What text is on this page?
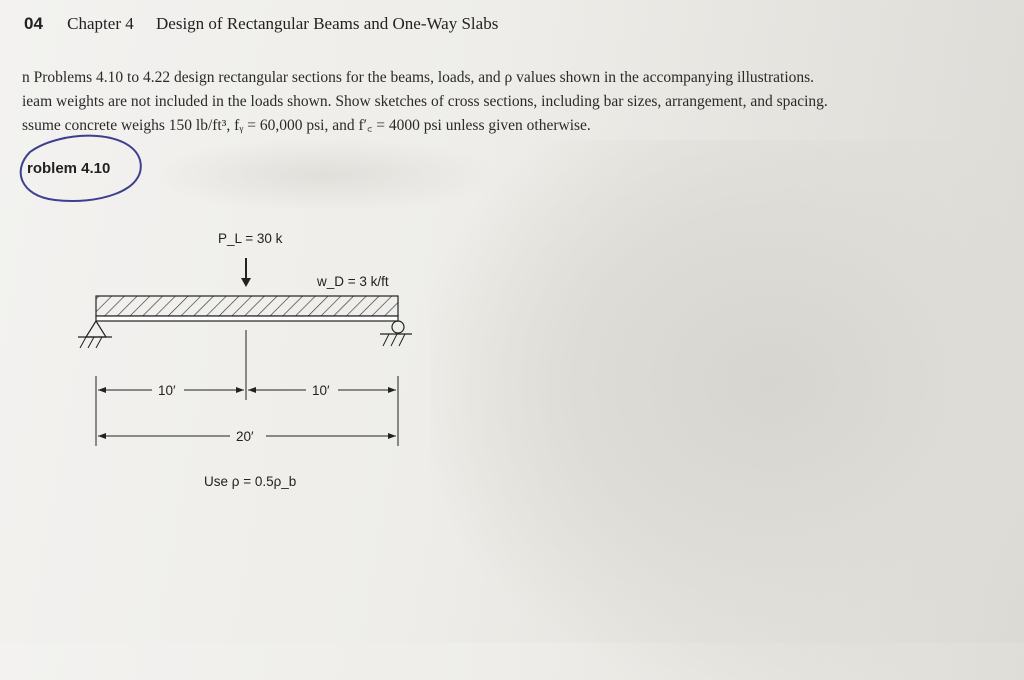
04 Chapter 4 Design of Rectangular Beams and One-Way Slabs

n Problems 4.10 to 4.22 design rectangular sections for the beams, loads, and ρ values shown in the accompanying illustrations.

ieam weights are not included in the loads shown. Show sketches of cross sections, including bar sizes, arrangement, and spacing.

ssume concrete weighs 150 lb/ft³, fᵧ = 60,000 psi, and f′꜀ = 4000 psi unless given otherwise.

roblem 4.10
P_L = 30 k
w_D = 3 k/ft
10′	10′
20′
Use ρ = 0.5ρ_b
